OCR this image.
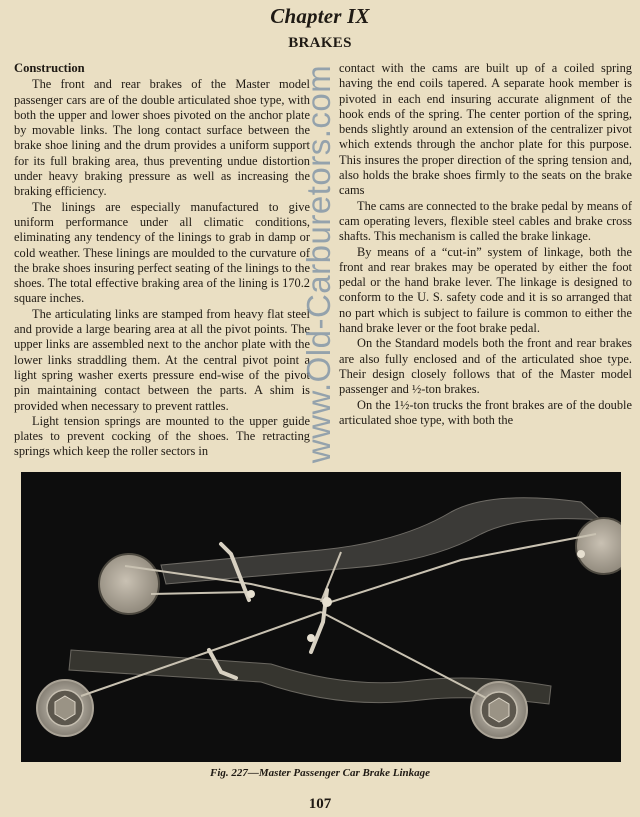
Chapter IX
BRAKES
Construction

The front and rear brakes of the Master model passenger cars are of the double articulated shoe type, with both the upper and lower shoes pivoted on the anchor plate by movable links. The long contact surface between the brake shoe lining and the drum provides a uniform support for its full braking area, thus preventing undue distortion under heavy braking pressure as well as increasing the braking efficiency.

The linings are especially manufactured to give uniform performance under all climatic conditions, eliminating any tendency of the linings to grab in damp or cold weather. These linings are moulded to the curvature of the brake shoes insuring perfect seating of the linings to the shoes. The total effective braking area of the lining is 170.2 square inches.

The articulating links are stamped from heavy flat steel and provide a large bearing area at all the pivot points. The upper links are assembled next to the anchor plate with the lower links straddling them. At the central pivot point a light spring washer exerts pressure end-wise of the pivot pin maintaining contact between the parts. A shim is provided when necessary to prevent rattles.

Light tension springs are mounted to the upper guide plates to prevent cocking of the shoes. The retracting springs which keep the roller sectors in	www.Old-Carburetors.com contact with the cams are built up of a coiled spring having the end coils tapered. A separate hook member is pivoted in each end insuring accurate alignment of the hook ends of the spring. The center portion of the spring, bends slightly around an extension of the centralizer pivot which extends through the anchor plate for this purpose. This insures the proper direction of the spring tension and, also holds the brake shoes firmly to the seats on the brake cams

The cams are connected to the brake pedal by means of cam operating levers, flexible steel cables and brake cross shafts. This mechanism is called the brake linkage.

By means of a “cut-in” system of linkage, both the front and rear brakes may be operated by either the foot pedal or the hand brake lever. The linkage is designed to conform to the U. S. safety code and it is so arranged that no part which is subject to failure is common to either the hand brake lever or the foot brake pedal.

On the Standard models both the front and rear brakes are also fully enclosed and of the articulated shoe type. Their design closely follows that of the Master model passenger and ½-ton brakes.

On the 1½-ton trucks the front brakes are of the double articulated shoe type, with both the

Fig. 227—Master Passenger Car Brake Linkage
107
